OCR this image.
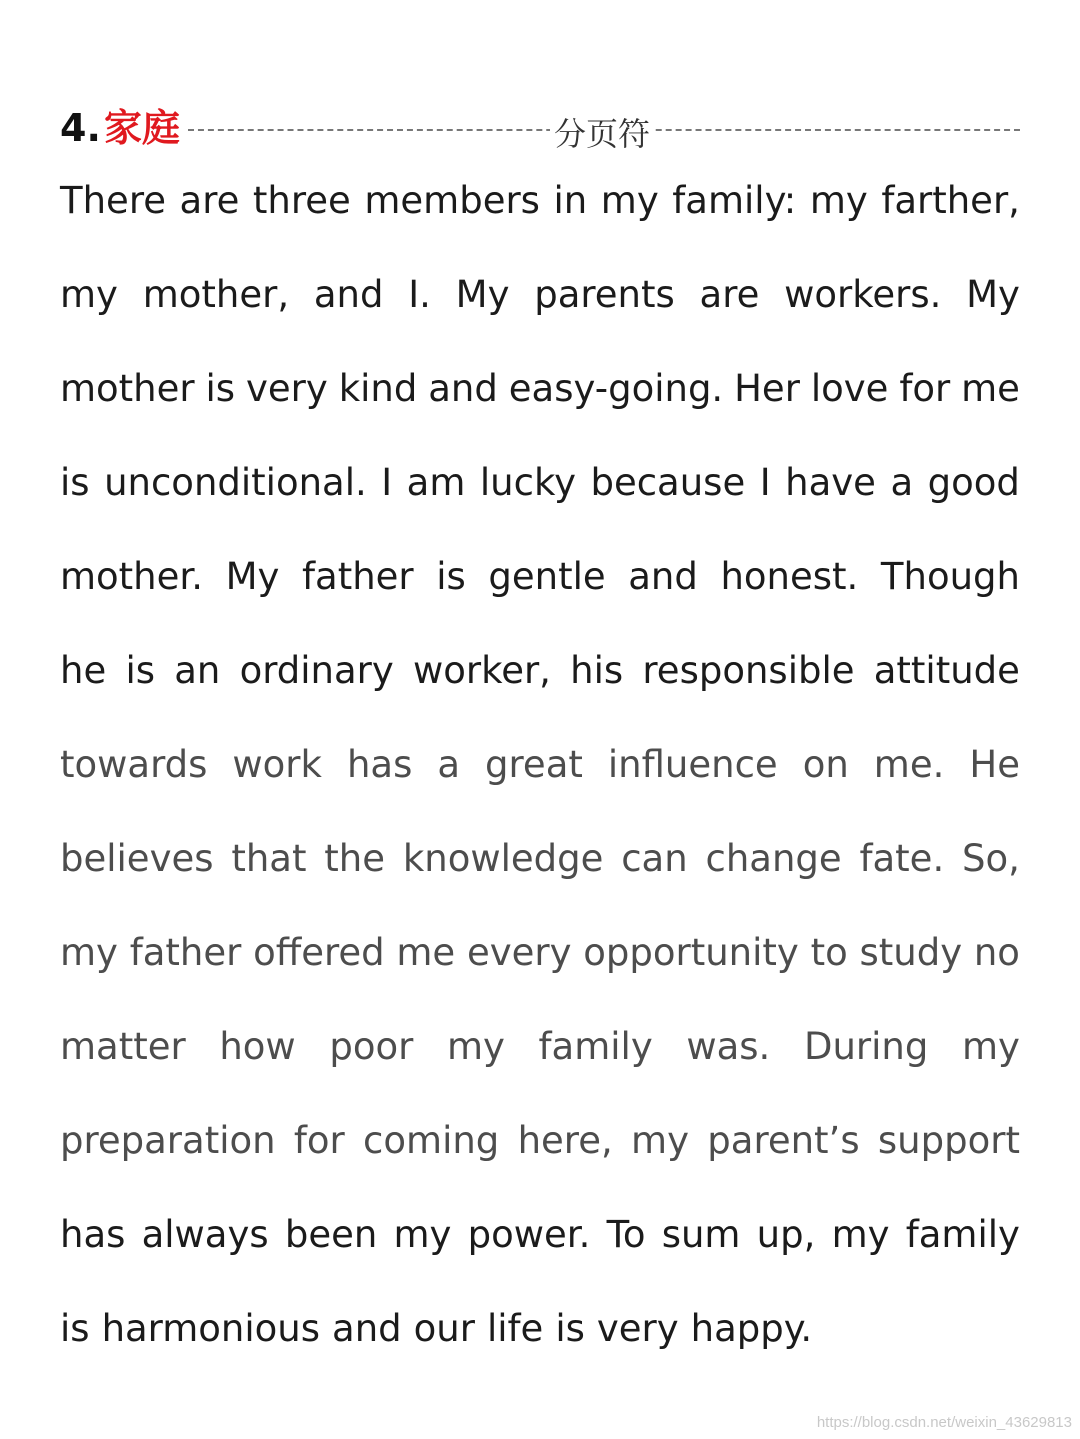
4. 家庭	分页符
There are three members in my family: my farther,
my mother, and I. My parents are workers. My
mother is very kind and easy-going. Her love for me
is unconditional. I am lucky because I have a good
mother. My father is gentle and honest. Though
he is an ordinary worker, his responsible attitude
towards work has a great influence on me. He
believes that the knowledge can change fate. So,
my father offered me every opportunity to study no
matter how poor my family was. During my
preparation for coming here, my parent’s support
has always been my power. To sum up, my family
is harmonious and our life is very happy.
https://blog.csdn.net/weixin_43629813
